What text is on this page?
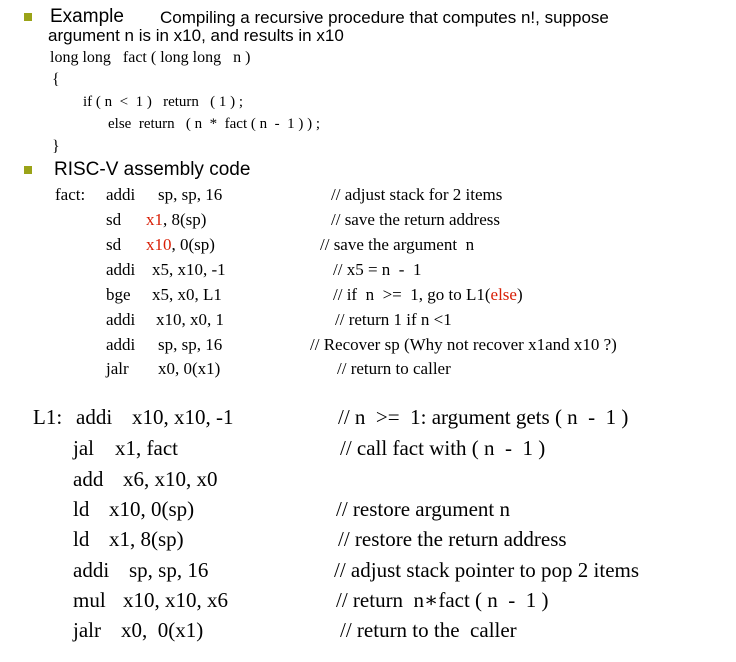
Example Compiling a recursive procedure that computes n!, suppose
argument n is in x10, and results in x10
long long   fact ( long long   n )
{
if ( n  <  1 )   return   ( 1 ) ;
else  return   ( n  *  fact ( n  -  1 ) ) ;
}
RISC-V assembly code
fact: addi sp, sp, 16	// adjust stack for 2 items
sd x1, 8(sp)	// save the return address
sd x10, 0(sp)	// save the argument  n
addi x5, x10, -1	// x5 = n  -  1
bge x5, x0, L1	// if  n  >=  1, go to L1(else)
addi x10, x0, 1	// return 1 if n <1
addi sp, sp, 16	// Recover sp (Why not recover x1and x10 ?)
jalr x0, 0(x1)	// return to caller
L1: addi x10, x10, -1	// n  >=  1: argument gets ( n  -  1 )
jal x1, fact	// call fact with ( n  -  1 )
add x6, x10, x0
ld x10, 0(sp)	// restore argument n
ld x1, 8(sp)	// restore the return address
addi sp, sp, 16	// adjust stack pointer to pop 2 items
mul x10, x10, x6	// return  n∗fact ( n  -  1 )
jalr x0,  0(x1)	// return to the  caller
